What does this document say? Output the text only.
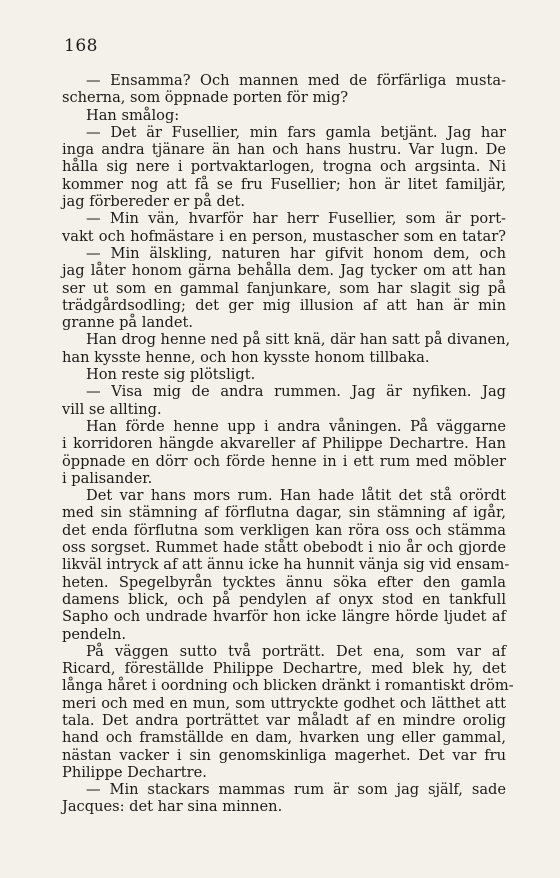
168
— Ensamma? Och mannen med de förfärliga musta-
scherna, som öppnade porten för mig?
Han smålog:
— Det är Fusellier, min fars gamla betjänt. Jag har
inga andra tjänare än han och hans hustru. Var lugn. De
hålla sig nere i portvaktarlogen, trogna och argsinta. Ni
kommer nog att få se fru Fusellier; hon är litet familjär,
jag förbereder er på det.
— Min vän, hvarför har herr Fusellier, som är port-
vakt och hofmästare i en person, mustascher som en tatar?
— Min älskling, naturen har gifvit honom dem, och
jag låter honom gärna behålla dem. Jag tycker om att han
ser ut som en gammal fanjunkare, som har slagit sig på
trädgårdsodling; det ger mig illusion af att han är min
granne på landet.
Han drog henne ned på sitt knä, där han satt på divanen,
han kysste henne, och hon kysste honom tillbaka.
Hon reste sig plötsligt.
— Visa mig de andra rummen. Jag är nyfiken. Jag
vill se allting.
Han förde henne upp i andra våningen. På väggarne
i korridoren hängde akvareller af Philippe Dechartre. Han
öppnade en dörr och förde henne in i ett rum med möbler
i palisander.
Det var hans mors rum. Han hade låtit det stå orördt
med sin stämning af förflutna dagar, sin stämning af igår,
det enda förflutna som verkligen kan röra oss och stämma
oss sorgset. Rummet hade stått obebodt i nio år och gjorde
likväl intryck af att ännu icke ha hunnit vänja sig vid ensam-
heten. Spegelbyrån tycktes ännu söka efter den gamla
damens blick, och på pendylen af onyx stod en tankfull
Sapho och undrade hvarför hon icke längre hörde ljudet af
pendeln.
På väggen sutto två porträtt. Det ena, som var af
Ricard, föreställde Philippe Dechartre, med blek hy, det
långa håret i oordning och blicken dränkt i romantiskt dröm-
meri och med en mun, som uttryckte godhet och lätthet att
tala. Det andra porträttet var måladt af en mindre orolig
hand och framställde en dam, hvarken ung eller gammal,
nästan vacker i sin genomskinliga magerhet. Det var fru
Philippe Dechartre.
— Min stackars mammas rum är som jag själf, sade
Jacques: det har sina minnen.
